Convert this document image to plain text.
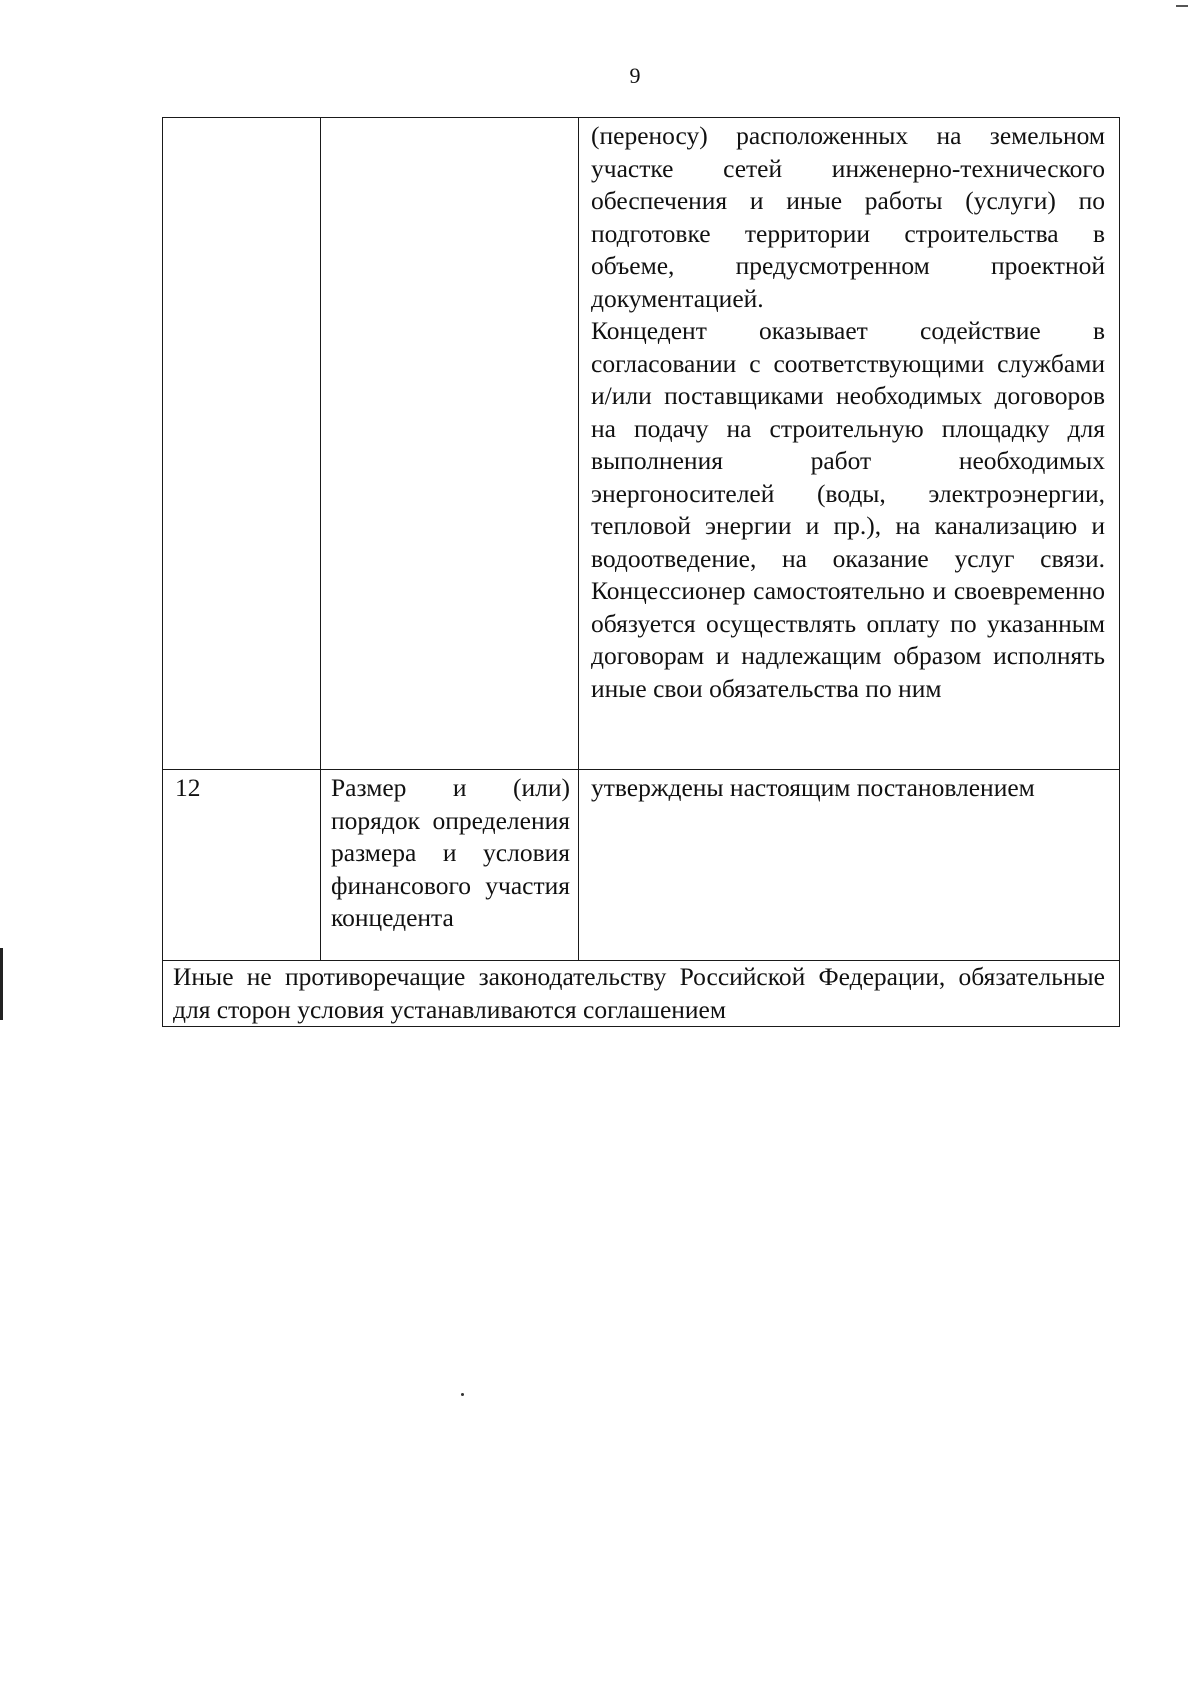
9

		(переносу) расположенных на земельном участке сетей инженерно-технического обеспечения и иные работы (услуги) по подготовке территории строительства в объеме, предусмотренном проектной документацией.

Концедент оказывает содействие в согласовании с соответствующими службами и/или поставщиками необходимых договоров на подачу на строительную площадку для выполнения работ необходимых энергоносителей (воды, электроэнергии, тепловой энергии и пр.), на канализацию и водоотведение, на оказание услуг связи. Концессионер самостоятельно и своевременно обязуется осуществлять оплату по указанным договорам и надлежащим образом исполнять иные свои обязательства по ним

12	Размер и (или) порядок определения размера и условия финансового участия концедента	утверждены настоящим постановлением
Иные не противоречащие законодательству Российской Федерации, обязательные для сторон условия устанавливаются соглашением		
